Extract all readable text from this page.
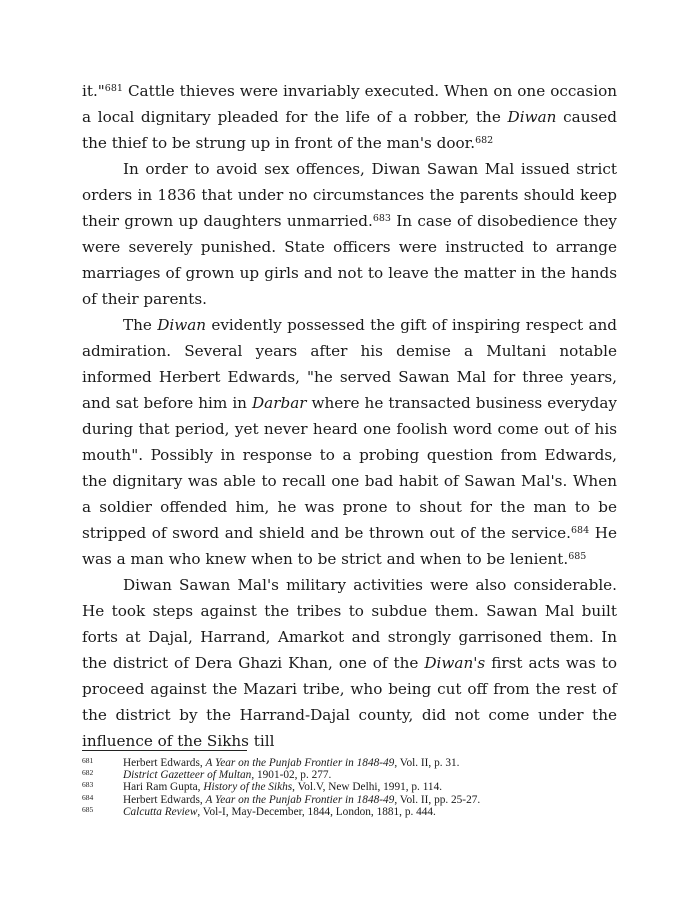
it."$^{681}$ Cattle thieves were invariably executed. When on one occasion a local dignitary pleaded for the life of a robber, the Diwan caused the thief to be strung up in front of the man's door.$^{682}$

In order to avoid sex offences, Diwan Sawan Mal issued strict orders in 1836 that under no circumstances the parents should keep their grown up daughters unmarried.$^{683}$ In case of disobedience they were severely punished. State officers were instructed to arrange marriages of grown up girls and not to leave the matter in the hands of their parents.

The Diwan evidently possessed the gift of inspiring respect and admiration. Several years after his demise a Multani notable informed Herbert Edwards, "he served Sawan Mal for three years, and sat before him in Darbar where he transacted business everyday during that period, yet never heard one foolish word come out of his mouth". Possibly in response to a probing question from Edwards, the dignitary was able to recall one bad habit of Sawan Mal's. When a soldier offended him, he was prone to shout for the man to be stripped of sword and shield and be thrown out of the service.$^{684}$ He was a man who knew when to be strict and when to be lenient.$^{685}$

Diwan Sawan Mal's military activities were also considerable. He took steps against the tribes to subdue them. Sawan Mal built forts at Dajal, Harrand, Amarkot and strongly garrisoned them. In the district of Dera Ghazi Khan, one of the Diwan's first acts was to proceed against the Mazari tribe, who being cut off from the rest of the district by the Harrand-Dajal county, did not come under the influence of the Sikhs till

681	Herbert Edwards, A Year on the Punjab Frontier in 1848-49, Vol. II, p. 31.
682	District Gazetteer of Multan, 1901-02, p. 277.
683	Hari Ram Gupta, History of the Sikhs, Vol.V, New Delhi, 1991, p. 114.
684	Herbert Edwards, A Year on the Punjab Frontier in 1848-49, Vol. II, pp. 25-27.
685	Calcutta Review, Vol-I, May-December, 1844, London, 1881, p. 444.
